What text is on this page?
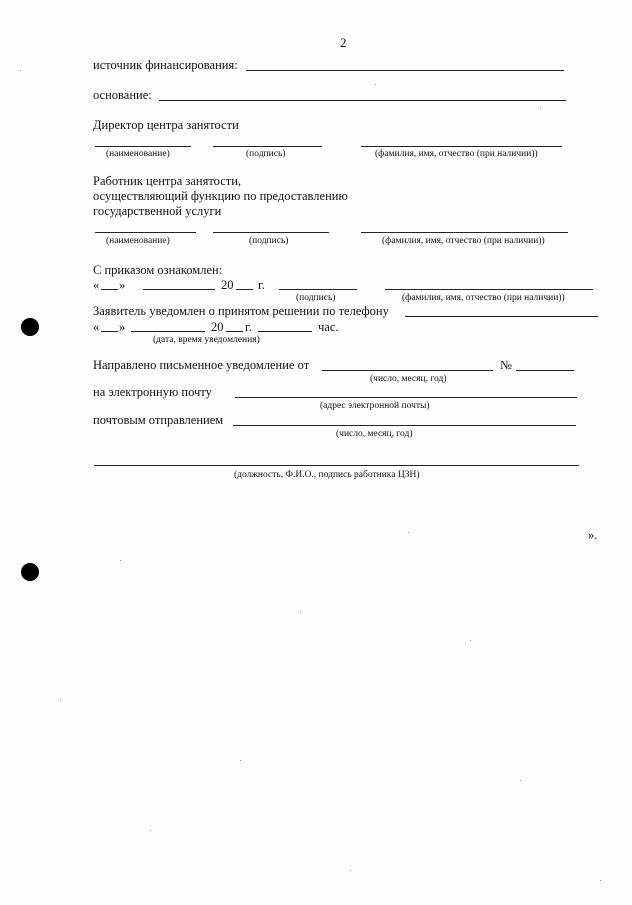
2
источник финансирования:
основание:
Директор центра занятости
(наименование)	(подпись)	(фамилия, имя, отчество (при наличии))
Работник центра занятости,
осуществляющий функцию по предоставлению
государственной услуги
(наименование)	(подпись)	(фамилия, имя, отчество (при наличии))
С приказом ознакомлен:
« »	20 г.
(подпись)	(фамилия, имя, отчество (при наличии))
Заявитель уведомлен о принятом решении по телефону
« »	20 г.	час.
(дата, время уведомления)
Направлено письменное уведомление от	№
(число, месяц, год)
на электронную почту
(адрес электронной почты)
почтовым отправлением
(число, месяц, год)
(должность, Ф.И.О., подпись работника ЦЗН)
».
